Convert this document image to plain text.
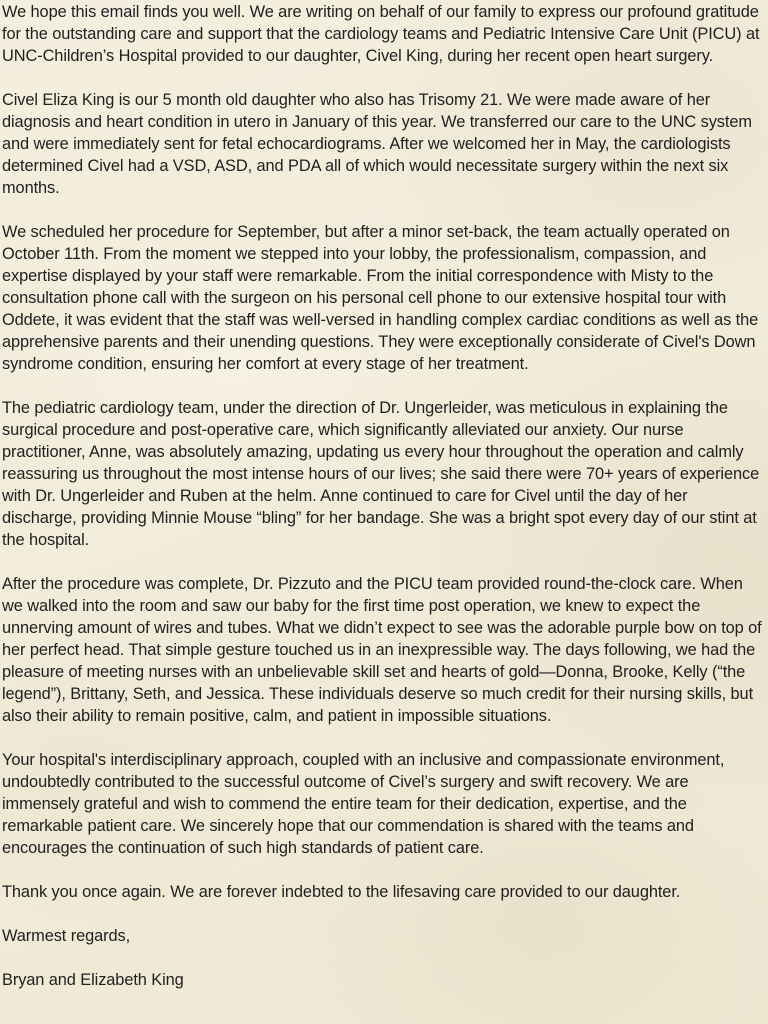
We hope this email finds you well. We are writing on behalf of our family to express our profound gratitude for the outstanding care and support that the cardiology teams and Pediatric Intensive Care Unit (PICU) at UNC-Children’s Hospital provided to our daughter, Civel King, during her recent open heart surgery.

Civel Eliza King is our 5 month old daughter who also has Trisomy 21. We were made aware of her diagnosis and heart condition in utero in January of this year. We transferred our care to the UNC system and were immediately sent for fetal echocardiograms. After we welcomed her in May, the cardiologists determined Civel had a VSD, ASD, and PDA all of which would necessitate surgery within the next six months.

We scheduled her procedure for September, but after a minor set-back, the team actually operated on October 11th. From the moment we stepped into your lobby, the professionalism, compassion, and expertise displayed by your staff were remarkable. From the initial correspondence with Misty to the consultation phone call with the surgeon on his personal cell phone to our extensive hospital tour with Oddete, it was evident that the staff was well-versed in handling complex cardiac conditions as well as the apprehensive parents and their unending questions. They were exceptionally considerate of Civel's Down syndrome condition, ensuring her comfort at every stage of her treatment.

The pediatric cardiology team, under the direction of Dr. Ungerleider, was meticulous in explaining the surgical procedure and post-operative care, which significantly alleviated our anxiety. Our nurse practitioner, Anne, was absolutely amazing, updating us every hour throughout the operation and calmly reassuring us throughout the most intense hours of our lives; she said there were 70+ years of experience with Dr. Ungerleider and Ruben at the helm. Anne continued to care for Civel until the day of her discharge, providing Minnie Mouse “bling” for her bandage. She was a bright spot every day of our stint at the hospital.

After the procedure was complete, Dr. Pizzuto and the PICU team provided round-the-clock care. When we walked into the room and saw our baby for the first time post operation, we knew to expect the unnerving amount of wires and tubes. What we didn’t expect to see was the adorable purple bow on top of her perfect head. That simple gesture touched us in an inexpressible way. The days following, we had the pleasure of meeting nurses with an unbelievable skill set and hearts of gold—Donna, Brooke, Kelly (“the legend”), Brittany, Seth, and Jessica. These individuals deserve so much credit for their nursing skills, but also their ability to remain positive, calm, and patient in impossible situations.

Your hospital's interdisciplinary approach, coupled with an inclusive and compassionate environment, undoubtedly contributed to the successful outcome of Civel’s surgery and swift recovery. We are immensely grateful and wish to commend the entire team for their dedication, expertise, and the remarkable patient care. We sincerely hope that our commendation is shared with the teams and encourages the continuation of such high standards of patient care.

Thank you once again. We are forever indebted to the lifesaving care provided to our daughter.

Warmest regards,

Bryan and Elizabeth King
